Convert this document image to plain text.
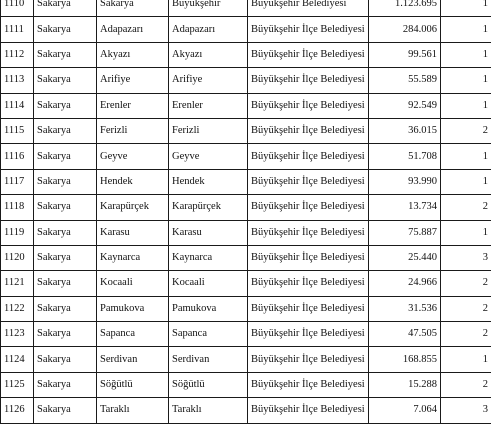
1110	Sakarya	Sakarya	Büyükşehir	Büyükşehir Belediyesi	1.123.695	1
1111	Sakarya	Adapazarı	Adapazarı	Büyükşehir İlçe Belediyesi	284.006	1
1112	Sakarya	Akyazı	Akyazı	Büyükşehir İlçe Belediyesi	99.561	1
1113	Sakarya	Arifiye	Arifiye	Büyükşehir İlçe Belediyesi	55.589	1
1114	Sakarya	Erenler	Erenler	Büyükşehir İlçe Belediyesi	92.549	1
1115	Sakarya	Ferizli	Ferizli	Büyükşehir İlçe Belediyesi	36.015	2
1116	Sakarya	Geyve	Geyve	Büyükşehir İlçe Belediyesi	51.708	1
1117	Sakarya	Hendek	Hendek	Büyükşehir İlçe Belediyesi	93.990	1
1118	Sakarya	Karapürçek	Karapürçek	Büyükşehir İlçe Belediyesi	13.734	2
1119	Sakarya	Karasu	Karasu	Büyükşehir İlçe Belediyesi	75.887	1
1120	Sakarya	Kaynarca	Kaynarca	Büyükşehir İlçe Belediyesi	25.440	3
1121	Sakarya	Kocaali	Kocaali	Büyükşehir İlçe Belediyesi	24.966	2
1122	Sakarya	Pamukova	Pamukova	Büyükşehir İlçe Belediyesi	31.536	2
1123	Sakarya	Sapanca	Sapanca	Büyükşehir İlçe Belediyesi	47.505	2
1124	Sakarya	Serdivan	Serdivan	Büyükşehir İlçe Belediyesi	168.855	1
1125	Sakarya	Söğütlü	Söğütlü	Büyükşehir İlçe Belediyesi	15.288	2
1126	Sakarya	Taraklı	Taraklı	Büyükşehir İlçe Belediyesi	7.064	3
